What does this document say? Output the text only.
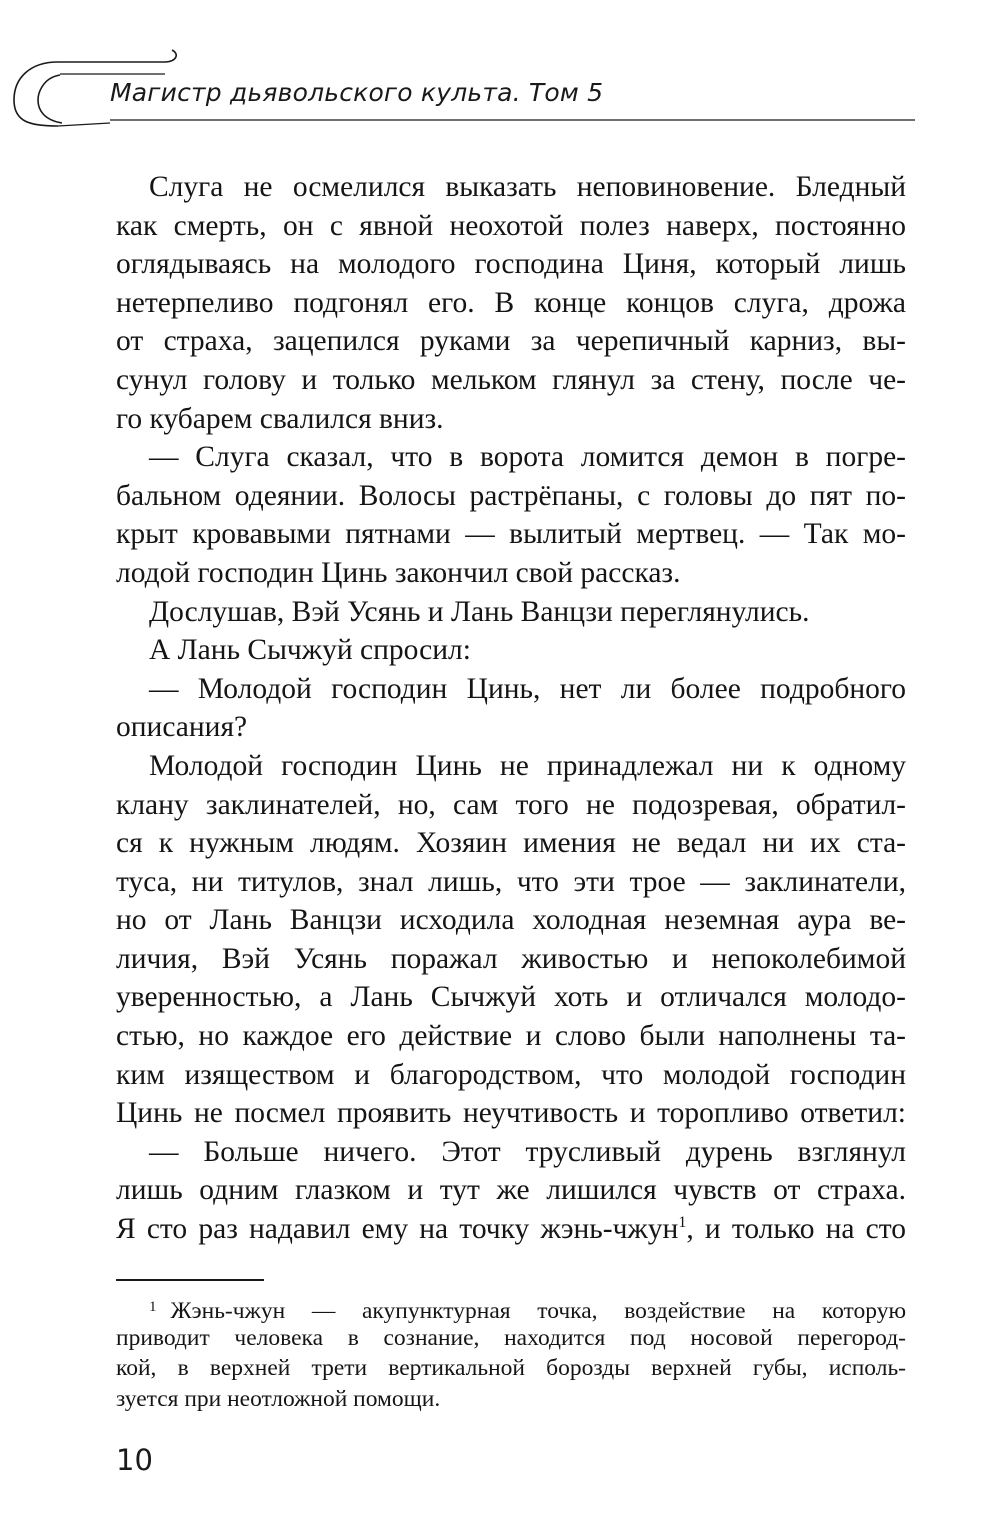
Магистр дьявольского культа. Том 5
Слуга не осмелился выказать неповиновение. Бледный
как смерть, он с явной неохотой полез наверх, постоянно
оглядываясь на молодого господина Циня, который лишь
нетерпеливо подгонял его. В конце концов слуга, дрожа
от страха, зацепился руками за черепичный карниз, вы-
сунул голову и только мельком глянул за стену, после че-
го кубарем свалился вниз.
— Слуга сказал, что в ворота ломится демон в погре-
бальном одеянии. Волосы растрёпаны, с головы до пят по-
крыт кровавыми пятнами — вылитый мертвец. — Так мо-
лодой господин Цинь закончил свой рассказ.
Дослушав, Вэй Усянь и Лань Ванцзи переглянулись.
А Лань Сычжуй спросил:
— Молодой господин Цинь, нет ли более подробного
описания?
Молодой господин Цинь не принадлежал ни к одному
клану заклинателей, но, сам того не подозревая, обратил-
ся к нужным людям. Хозяин имения не ведал ни их ста-
туса, ни титулов, знал лишь, что эти трое — заклинатели,
но от Лань Ванцзи исходила холодная неземная аура ве-
личия, Вэй Усянь поражал живостью и непоколебимой
уверенностью, а Лань Сычжуй хоть и отличался молодо-
стью, но каждое его действие и слово были наполнены та-
ким изяществом и благородством, что молодой господин
Цинь не посмел проявить неучтивость и торопливо ответил:
— Больше ничего. Этот трусливый дурень взглянул
лишь одним глазком и тут же лишился чувств от страха.
Я сто раз надавил ему на точку жэнь-чжун$^1$, и только на сто
$^1$ Жэнь-чжун — акупунктурная точка, воздействие на которую
приводит человека в сознание, находится под носовой перегород-
кой, в верхней трети вертикальной борозды верхней губы, исполь-
зуется при неотложной помощи.
10
